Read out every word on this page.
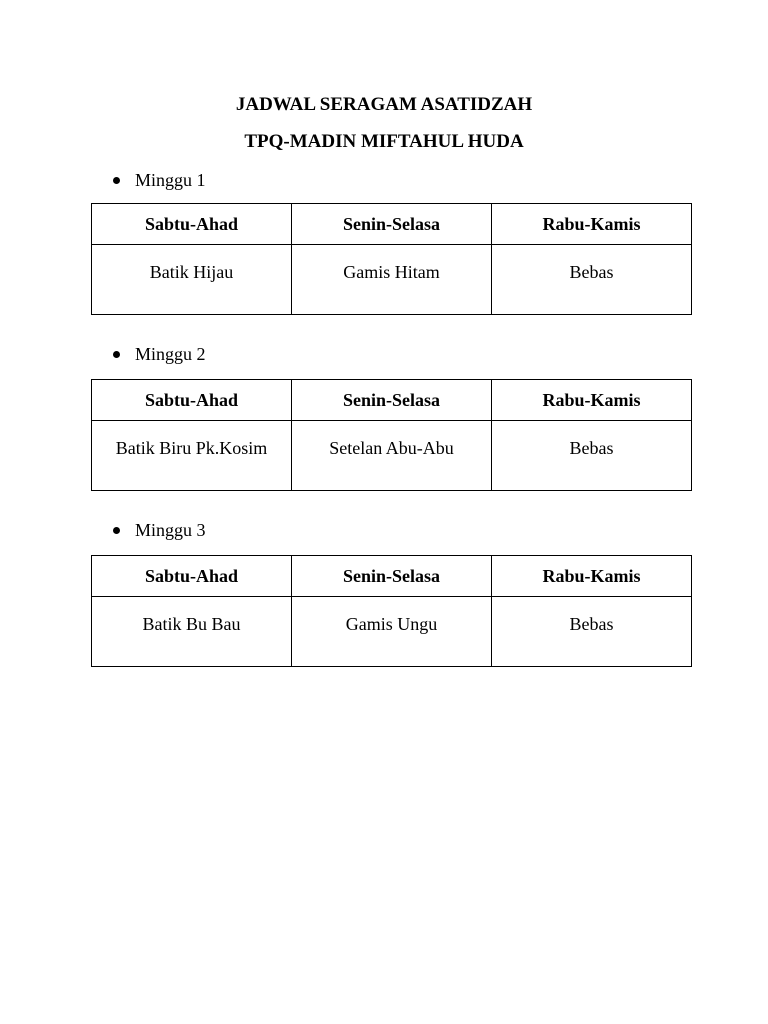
JADWAL SERAGAM ASATIDZAH
TPQ-MADIN MIFTAHUL HUDA
Minggu 1
Sabtu-Ahad	Senin-Selasa	Rabu-Kamis
Batik Hijau	Gamis Hitam	Bebas
Minggu 2
Sabtu-Ahad	Senin-Selasa	Rabu-Kamis
Batik Biru Pk.Kosim	Setelan Abu-Abu	Bebas
Minggu 3
Sabtu-Ahad	Senin-Selasa	Rabu-Kamis
Batik Bu Bau	Gamis Ungu	Bebas
